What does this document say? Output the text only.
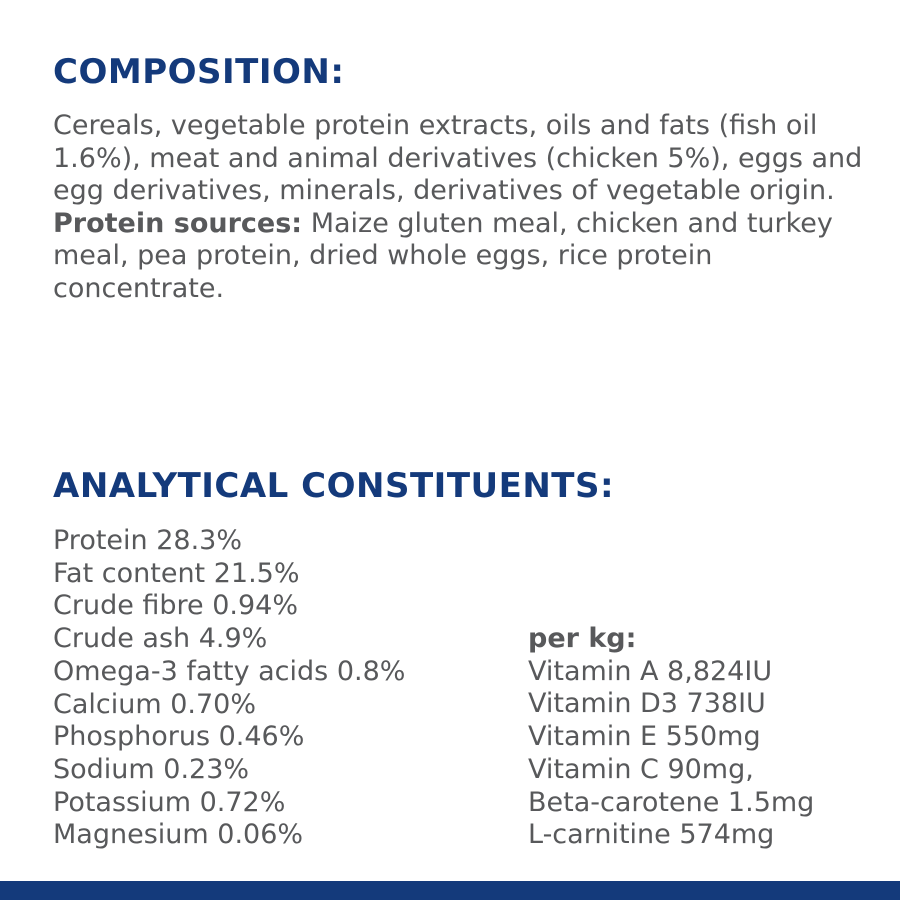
COMPOSITION:

Cereals, vegetable protein extracts, oils and fats (fish oil 1.6%), meat and animal derivatives (chicken 5%), eggs and egg derivatives, minerals, derivatives of vegetable origin.

Protein sources: Maize gluten meal, chicken and turkey meal, pea protein, dried whole eggs, rice protein concentrate.

ANALYTICAL CONSTITUENTS:
Protein 28.3%
Fat content 21.5%
Crude fibre 0.94%
Crude ash 4.9%
Omega-3 fatty acids 0.8%
Calcium 0.70%
Phosphorus 0.46%
Sodium 0.23%
Potassium 0.72%
Magnesium 0.06%
per kg:
Vitamin A 8,824IU
Vitamin D3 738IU
Vitamin E 550mg
Vitamin C 90mg,
Beta-carotene 1.5mg
L-carnitine 574mg
